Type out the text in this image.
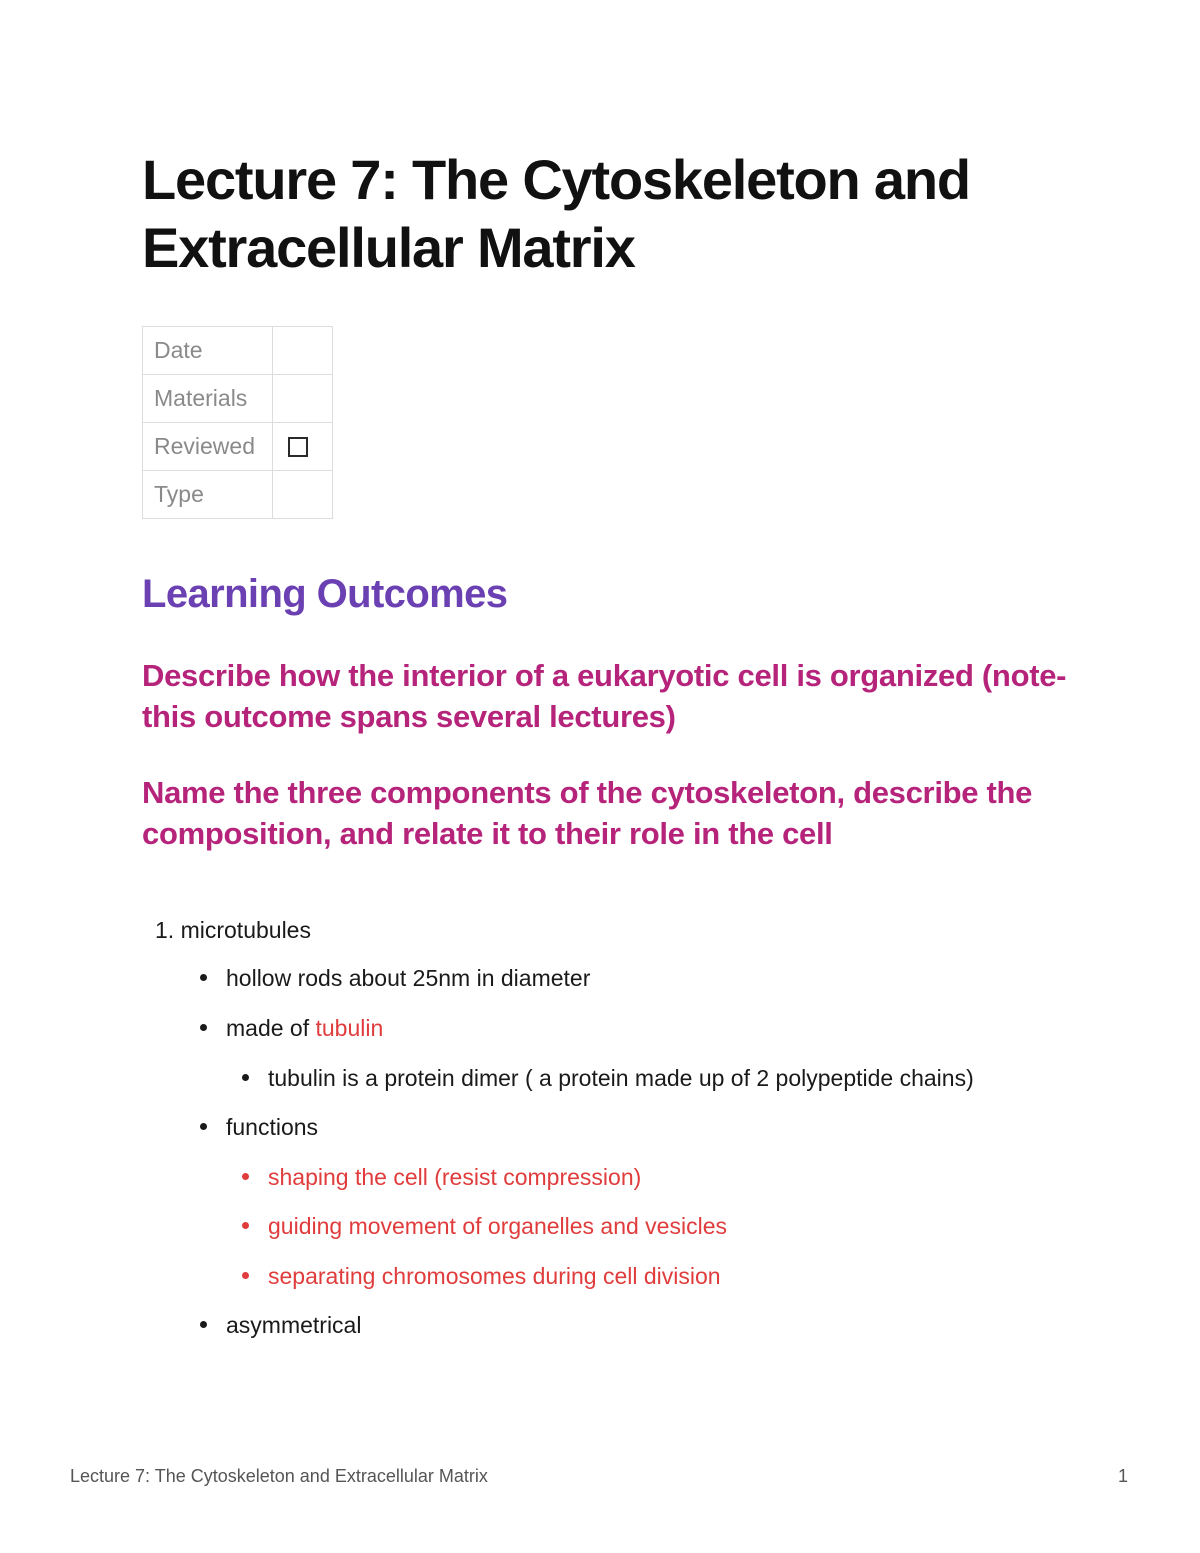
Lecture 7: The Cytoskeleton and Extracellular Matrix
Date	
Materials	
Reviewed	

Type	
Learning Outcomes
Describe how the interior of a eukaryotic cell is organized (note- this outcome spans several lectures)
Name the three components of the cytoskeleton, describe the composition, and relate it to their role in the cell
1. microtubules
hollow rods about 25nm in diameter
made of tubulin
tubulin is a protein dimer ( a protein made up of 2 polypeptide chains)
functions
shaping the cell (resist compression)
guiding movement of organelles and vesicles
separating chromosomes during cell division
asymmetrical
Lecture 7: The Cytoskeleton and Extracellular Matrix	1
